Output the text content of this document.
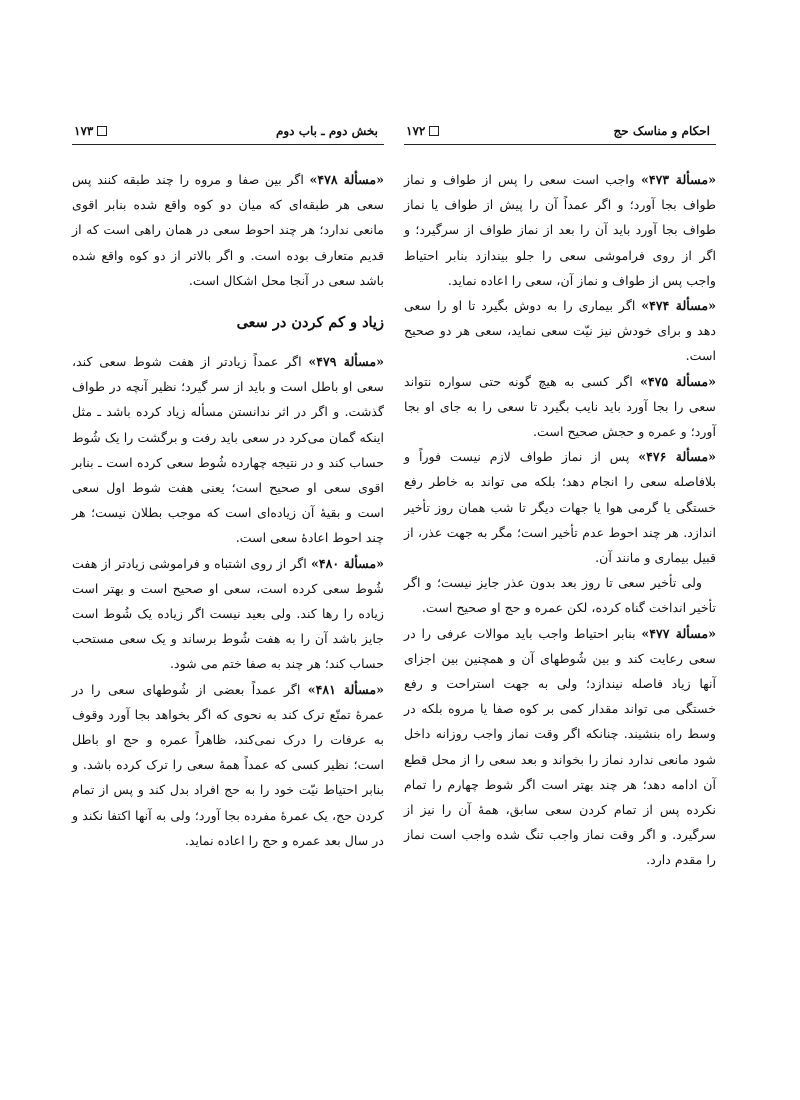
احکام و مناسک حج
۱۷۲

«مسألة ۴۷۳» واجب است سعی را پس از طواف و نماز طواف بجا آورد؛ و اگر عمداً آن را پیش از طواف یا نماز طواف بجا آورد باید آن را بعد از نماز طواف از سرگیرد؛ و اگر از روی فراموشی سعی را جلو بیندازد بنابر احتیاط واجب پس از طواف و نماز آن، سعی را اعاده نماید.

«مسألة ۴۷۴» اگر بیماری را به دوش بگیرد تا او را سعی دهد و برای خودش نیز نیّت سعی نماید، سعی هر دو صحیح است.

«مسألة ۴۷۵» اگر کسی به هیچ گونه حتی سواره نتواند سعی را بجا آورد باید نایب بگیرد تا سعی را به جای او بجا آورد؛ و عمره و حجش صحیح است.

«مسألة ۴۷۶» پس از نماز طواف لازم نیست فوراً و بلافاصله سعی را انجام دهد؛ بلکه می تواند به خاطر رفع خستگی یا گرمی هوا یا جهات دیگر تا شب همان روز تأخیر اندازد. هر چند احوط عدم تأخیر است؛ مگر به جهت عذر، از قبیل بیماری و مانند آن.

ولی تأخیر سعی تا روز بعد بدون عذر جایز نیست؛ و اگر تأخیر انداخت گناه کرده، لکن عمره و حج او صحیح است.

«مسألة ۴۷۷» بنابر احتیاط واجب باید موالات عرفی را در سعی رعایت کند و بین شُوطهای آن و همچنین بین اجزای آنها زیاد فاصله نیندازد؛ ولی به جهت استراحت و رفع خستگی می تواند مقدار کمی بر کوه صفا یا مروه بلکه در وسط راه بنشیند. چنانکه اگر وقت نماز واجب روزانه داخل شود مانعی ندارد نماز را بخواند و بعد سعی را از محل قطع آن ادامه دهد؛ هر چند بهتر است اگر شوط چهارم را تمام نکرده پس از تمام کردن سعی سابق، همهٔ آن را نیز از سرگیرد. و اگر وقت نماز واجب تنگ شده واجب است نماز را مقدم دارد.

بخش دوم ـ باب دوم
۱۷۳

«مسألة ۴۷۸» اگر بین صفا و مروه را چند طبقه کنند پس سعی هر طبقه‌ای که میان دو کوه واقع شده بنابر اقوی مانعی ندارد؛ هر چند احوط سعی در همان راهی است که از قدیم متعارف بوده است. و اگر بالاتر از دو کوه واقع شده باشد سعی در آنجا محل اشکال است.

زیاد و کم کردن در سعی

«مسألة ۴۷۹» اگر عمداً زیادتر از هفت شوط سعی کند، سعی او باطل است و باید از سر گیرد؛ نظیر آنچه در طواف گذشت. و اگر در اثر ندانستن مسأله زیاد کرده باشد ـ مثل اینکه گمان می‌کرد در سعی باید رفت و برگشت را یک شُوط حساب کند و در نتیجه چهارده شُوط سعی کرده است ـ بنابر اقوی سعی او صحیح است؛ یعنی هفت شوط اول سعی است و بقیهٔ آن زیاده‌ای است که موجب بطلان نیست؛ هر چند احوط اعادهٔ سعی است.

«مسألة ۴۸۰» اگر از روی اشتباه و فراموشی زیادتر از هفت شُوط سعی کرده است، سعی او صحیح است و بهتر است زیاده را رها کند. ولی بعید نیست اگر زیاده یک شُوط است جایز باشد آن را به هفت شُوط برساند و یک سعی مستحب حساب کند؛ هر چند به صفا ختم می شود.

«مسألة ۴۸۱» اگر عمداً بعضی از شُوطهای سعی را در عمرهٔ تمتّع ترک کند به نحوی که اگر بخواهد بجا آورد وقوف به عرفات را درک نمی‌کند، ظاهراً عمره و حج او باطل است؛ نظیر کسی که عمداً همهٔ سعی را ترک کرده باشد. و بنابر احتیاط نیّت خود را به حج افراد بدل کند و پس از تمام کردن حج، یک عمرهٔ مفرده بجا آورد؛ ولی به آنها اکتفا نکند و در سال بعد عمره و حج را اعاده نماید.
